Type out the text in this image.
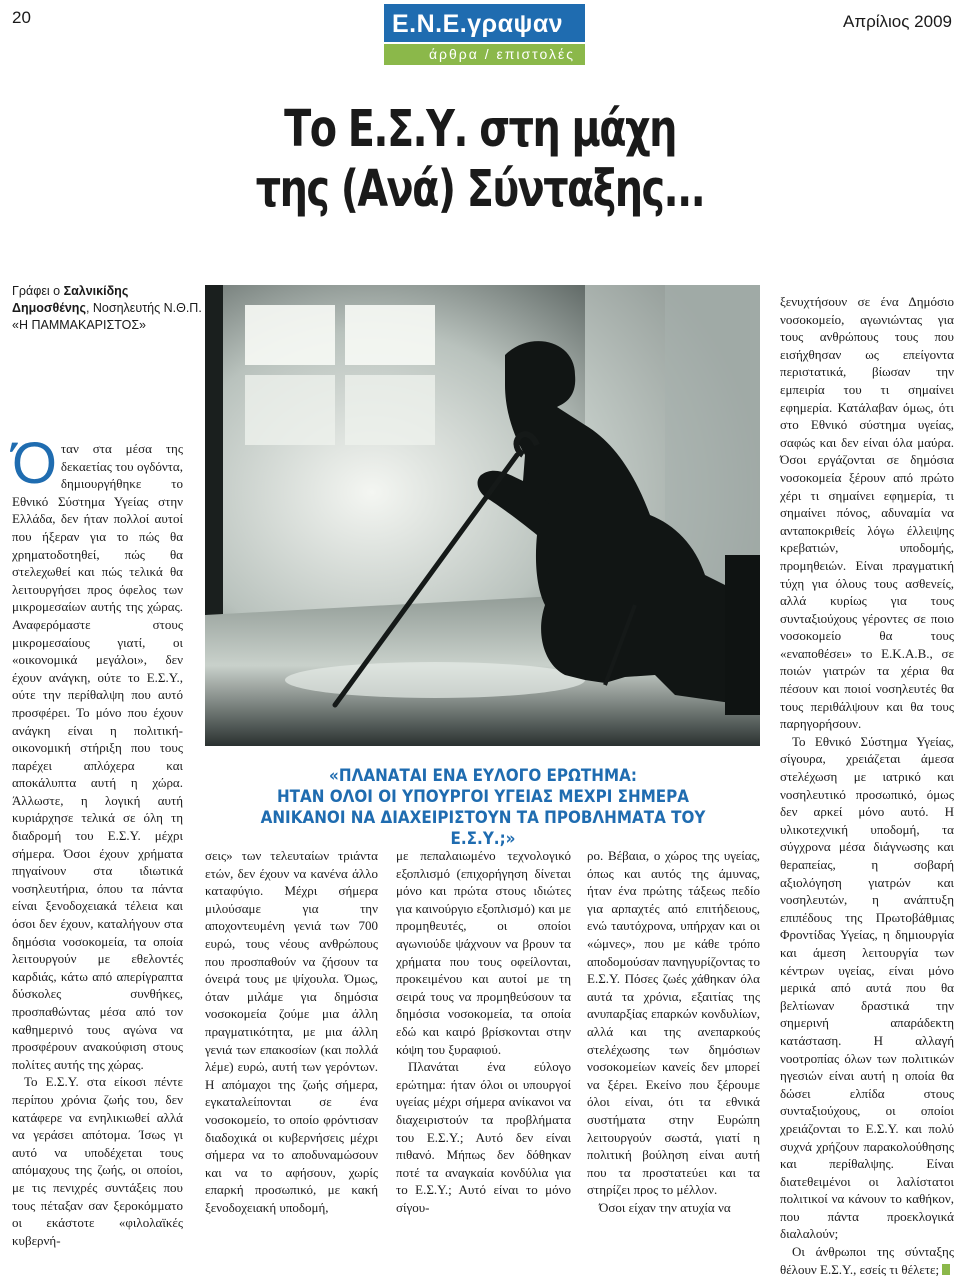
20	Ε.Ν.Ε.γραψαν
άρθρα / επιστολές
Απρίλιος 2009
Το Ε.Σ.Υ. στη μάχη
της (Ανά) Σύνταξης...
Γράφει ο Σαλνικίδης Δημοσθένης, Νοσηλευτής Ν.Θ.Π. «Η ΠΑΜΜΑΚΑΡΙΣΤΟΣ»

Όταν στα μέσα της δεκαετίας του ογδόντα, δημιουργήθηκε το Εθνικό Σύστημα Υγείας στην Ελλάδα, δεν ήταν πολλοί αυτοί που ήξεραν για το πώς θα χρηματοδοτηθεί, πώς θα στελεχωθεί και πώς τελικά θα λειτουργήσει προς όφελος των μικρομεσαίων αυτής της χώρας. Αναφερόμαστε στους μικρομεσαίους γιατί, οι «οικονομικά μεγάλοι», δεν έχουν ανάγκη, ούτε το Ε.Σ.Υ., ούτε την περίθαλψη που αυτό προσφέρει. Το μόνο που έχουν ανάγκη είναι η πολιτική-οικονομική στήριξη που τους παρέχει απλόχερα και αποκάλυπτα αυτή η χώρα. Άλλωστε, η λογική αυτή κυριάρχησε τελικά σε όλη τη διαδρομή του Ε.Σ.Υ. μέχρι σήμερα. Όσοι έχουν χρήματα πηγαίνουν στα ιδιωτικά νοσηλευτήρια, όπου τα πάντα είναι ξενοδοχειακά τέλεια και όσοι δεν έχουν, καταλήγουν στα δημόσια νοσοκομεία, τα οποία λειτουργούν με εθελοντές καρδιάς, κάτω από απερίγραπτα δύσκολες συνθήκες, προσπαθώντας μέσα από τον καθημερινό τους αγώνα να προσφέρουν ανακούφιση στους πολίτες αυτής της χώρας.

Το Ε.Σ.Υ. στα είκοσι πέντε περίπου χρόνια ζωής του, δεν κατάφερε να ενηλικιωθεί αλλά να γεράσει απότομα. Ίσως γι αυτό να υποδέχεται τους απόμαχους της ζωής, οι οποίοι, με τις πενιχρές συντάξεις που τους πέταξαν σαν ξεροκόμματο οι εκάστοτε «φιλολαϊκές κυβερνή-

«ΠΛΑΝΑΤΑΙ ΕΝΑ ΕΥΛΟΓΟ ΕΡΩΤΗΜΑ:
ΗΤΑΝ ΟΛΟΙ ΟΙ ΥΠΟΥΡΓΟΙ ΥΓΕΙΑΣ ΜΕΧΡΙ ΣΗΜΕΡΑ
ΑΝΙΚΑΝΟΙ ΝΑ ΔΙΑΧΕΙΡΙΣΤΟΥΝ ΤΑ ΠΡΟΒΛΗΜΑΤΑ ΤΟΥ Ε.Σ.Υ.;»

σεις» των τελευταίων τριάντα ετών, δεν έχουν να κανένα άλλο καταφύγιο. Μέχρι σήμερα μιλούσαμε για την αποχοντευμένη γενιά των 700 ευρώ, τους νέους ανθρώπους που προσπαθούν να ζήσουν τα όνειρά τους με ψίχουλα. Όμως, όταν μιλάμε για δημόσια νοσοκομεία ζούμε μια άλλη πραγματικότητα, με μια άλλη γενιά των επακοσίων (και πολλά λέμε) ευρώ, αυτή των γερόντων. Η απόμαχοι της ζωής σήμερα, εγκαταλείπονται σε ένα νοσοκομείο, το οποίο φρόντισαν διαδοχικά οι κυβερνήσεις μέχρι σήμερα να το αποδυναμώσουν και να το αφήσουν, χωρίς επαρκή προσωπικό, με κακή ξενοδοχειακή υποδομή,

με πεπαλαιωμένο τεχνολογικό εξοπλισμό (επιχορήγηση δίνεται μόνο και πρώτα στους ιδιώτες για καινούργιο εξοπλισμό) και με προμηθευτές, οι οποίοι αγωνιούδε ψάχνουν να βρουν τα χρήματα που τους οφείλονται, προκειμένου και αυτοί με τη σειρά τους να προμηθεύσουν τα δημόσια νοσοκομεία, τα οποία εδώ και καιρό βρίσκονται στην κόψη του ξυραφιού.

Πλανάται ένα εύλογο ερώτημα: ήταν όλοι οι υπουργοί υγείας μέχρι σήμερα ανίκανοι να διαχειριστούν τα προβλήματα του Ε.Σ.Υ.; Αυτό δεν είναι πιθανό. Μήπως δεν δόθηκαν ποτέ τα αναγκαία κονδύλια για το Ε.Σ.Υ.; Αυτό είναι το μόνο σίγου-

ρο. Βέβαια, ο χώρος της υγείας, όπως και αυτός της άμυνας, ήταν ένα πρώτης τάξεως πεδίο για αρπαχτές από επιτήδειους, ενώ ταυτόχρονα, υπήρχαν και οι «ώμνες», που με κάθε τρόπο αποδομούσαν πανηγυρίζοντας το Ε.Σ.Υ. Πόσες ζωές χάθηκαν όλα αυτά τα χρόνια, εξαιτίας της ανυπαρξίας επαρκών κονδυλίων, αλλά και της ανεπαρκούς στελέχωσης των δημόσιων νοσοκομείων κανείς δεν μπορεί να ξέρει. Εκείνο που ξέρουμε όλοι είναι, ότι τα εθνικά συστήματα στην Ευρώπη λειτουργούν σωστά, γιατί η πολιτική βούληση είναι αυτή που τα προστατεύει και τα στηρίζει προς το μέλλον.

Όσοι είχαν την ατυχία να

ξενυχτήσουν σε ένα Δημόσιο νοσοκομείο, αγωνιώντας για τους ανθρώπους τους που εισήχθησαν ως επείγοντα περιστατικά, βίωσαν την εμπειρία του τι σημαίνει εφημερία. Κατάλαβαν όμως, ότι στο Εθνικό σύστημα υγείας, σαφώς και δεν είναι όλα μαύρα. Όσοι εργάζονται σε δημόσια νοσοκομεία ξέρουν από πρώτο χέρι τι σημαίνει εφημερία, τι σημαίνει πόνος, αδυναμία να ανταποκριθείς λόγω έλλειψης κρεβατιών, υποδομής, προμηθειών. Είναι πραγματική τύχη για όλους τους ασθενείς, αλλά κυρίως για τους συνταξιούχους γέροντες σε ποιο νοσοκομείο θα τους «εναποθέσει» το Ε.Κ.Α.Β., σε ποιών γιατρών τα χέρια θα πέσουν και ποιοί νοσηλευτές θα τους περιθάλψουν και θα τους παρηγορήσουν.

Το Εθνικό Σύστημα Υγείας, σίγουρα, χρειάζεται άμεσα στελέχωση με ιατρικό και νοσηλευτικό προσωπικό, όμως δεν αρκεί μόνο αυτό. Η υλικοτεχνική υποδομή, τα σύγχρονα μέσα διάγνωσης και θεραπείας, η σοβαρή αξιολόγηση γιατρών και νοσηλευτών, η ανάπτυξη επιπέδους της Πρωτοβάθμιας Φροντίδας Υγείας, η δημιουργία και άμεση λειτουργία των κέντρων υγείας, είναι μόνο μερικά από αυτά που θα βελτίωναν δραστικά την σημερινή απαράδεκτη κατάσταση. Η αλλαγή νοοτροπίας όλων των πολιτικών ηγεσιών είναι αυτή η οποία θα δώσει ελπίδα στους συνταξιούχους, οι οποίοι χρειάζονται το Ε.Σ.Υ. και πολύ συχνά χρήζουν παρακολούθησης και περίθαλψης. Είναι διατεθειμένοι οι λαλίστατοι πολιτικοί να κάνουν το καθήκον, που πάντα προεκλογικά διαλαλούν;

Οι άνθρωποι της σύνταξης θέλουν Ε.Σ.Υ., εσείς τι θέλετε;
